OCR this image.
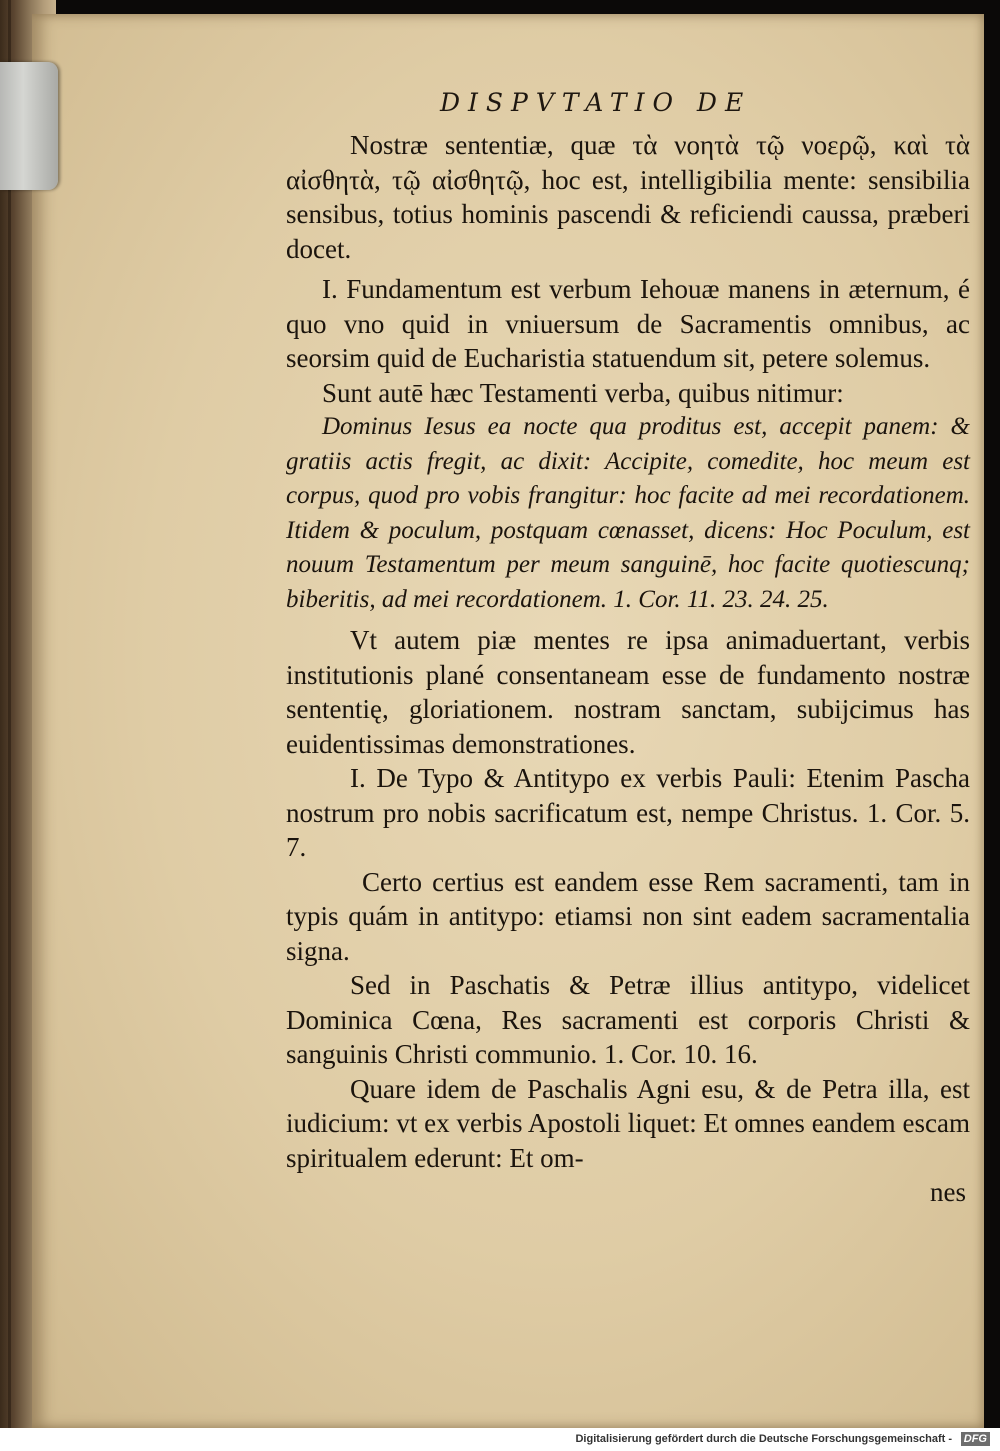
DISPVTATIO DE

Nostræ sententiæ, quæ τὰ νοητὰ τῷ νοερῷ, καὶ τὰ αἰσθητὰ, τῷ αἰσθητῷ, hoc est, intelligibilia mente: sensibilia sensibus, totius hominis pascendi & reficiendi caussa, præberi docet.

I. Fundamentum est verbum Iehouæ manens in æternum, é quo vno quid in vniuersum de Sacramentis omnibus, ac seorsim quid de Eucharistia statuendum sit, petere solemus.

Sunt autē hæc Testamenti verba, quibus nitimur:

Dominus Iesus ea nocte qua proditus est, accepit panem: & gratiis actis fregit, ac dixit: Accipite, comedite, hoc meum est corpus, quod pro vobis frangitur: hoc facite ad mei recordationem. Itidem & poculum, postquam cœnasset, dicens: Hoc Poculum, est nouum Testamentum per meum sanguinē, hoc facite quotiescunq; biberitis, ad mei recordationem. 1. Cor. 11. 23. 24. 25.

Vt autem piæ mentes re ipsa animaduertant, verbis institutionis plané consentaneam esse de fundamento nostræ sententię, gloriationem. nostram sanctam, subijcimus has euidentissimas demonstrationes.

I. De Typo & Antitypo ex verbis Pauli: Etenim Pascha nostrum pro nobis sacrificatum est, nempe Christus. 1. Cor. 5. 7.

Certo certius est eandem esse Rem sacramenti, tam in typis quám in antitypo: etiamsi non sint eadem sacramentalia signa.

Sed in Paschatis & Petræ illius antitypo, videlicet Dominica Cœna, Res sacramenti est corporis Christi & sanguinis Christi communio. 1. Cor. 10. 16.

Quare idem de Paschalis Agni esu, & de Petra illa, est iudicium: vt ex verbis Apostoli liquet: Et omnes eandem escam spiritualem ederunt: Et om-

nes

Digitalisierung gefördert durch die Deutsche Forschungsgemeinschaft - DFG
